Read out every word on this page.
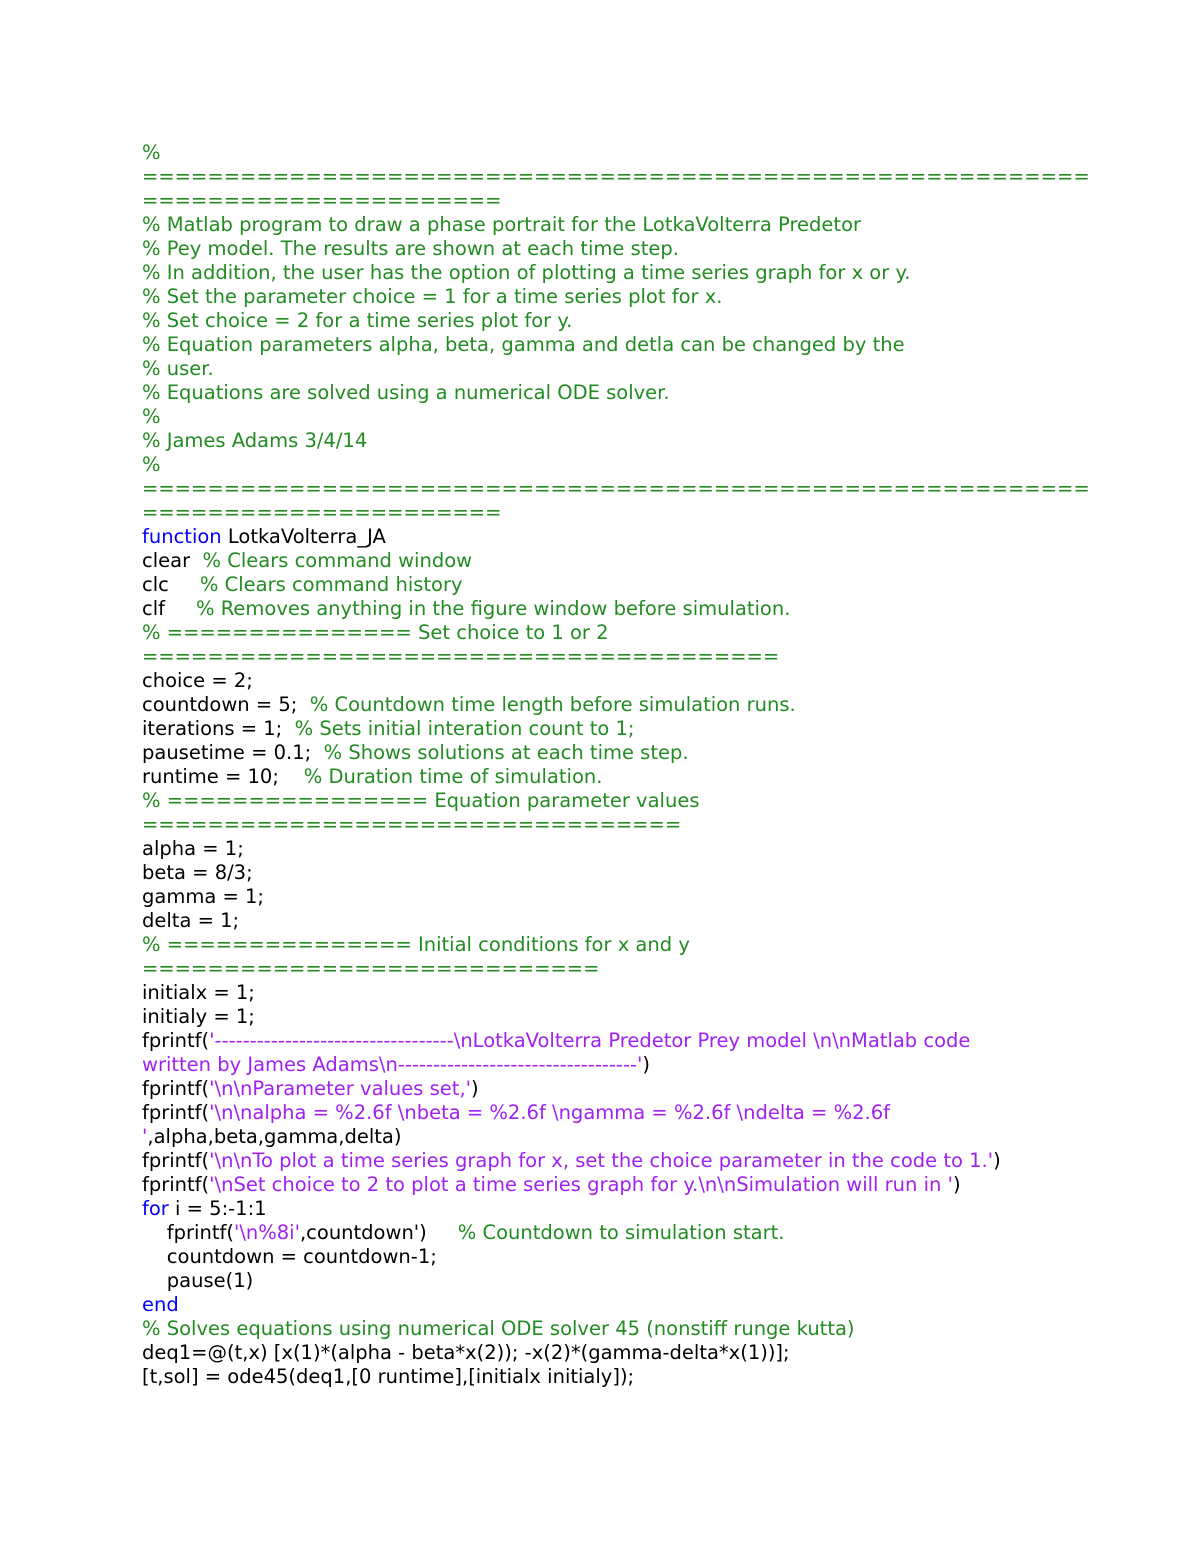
%
==========================================================
======================
% Matlab program to draw a phase portrait for the LotkaVolterra Predetor
% Pey model. The results are shown at each time step.
% In addition, the user has the option of plotting a time series graph for x or y.
% Set the parameter choice = 1 for a time series plot for x.
% Set choice = 2 for a time series plot for y.
% Equation parameters alpha, beta, gamma and detla can be changed by the
% user.
% Equations are solved using a numerical ODE solver.
%
% James Adams 3/4/14
%
==========================================================
======================
function LotkaVolterra_JA
clear  % Clears command window
clc     % Clears command history
clf     % Removes anything in the figure window before simulation.
% =============== Set choice to 1 or 2
=======================================
choice = 2;
countdown = 5;  % Countdown time length before simulation runs.
iterations = 1;  % Sets initial interation count to 1;
pausetime = 0.1;  % Shows solutions at each time step.
runtime = 10;    % Duration time of simulation.
% ================ Equation parameter values
=================================
alpha = 1;
beta = 8/3;
gamma = 1;
delta = 1;
% =============== Initial conditions for x and y
============================
initialx = 1;
initialy = 1;
fprintf('----------------------------------\nLotkaVolterra Predetor Prey model \n\nMatlab code
written by James Adams\n----------------------------------')
fprintf('\n\nParameter values set,')
fprintf('\n\nalpha = %2.6f \nbeta = %2.6f \ngamma = %2.6f \ndelta = %2.6f
',alpha,beta,gamma,delta)
fprintf('\n\nTo plot a time series graph for x, set the choice parameter in the code to 1.')
fprintf('\nSet choice to 2 to plot a time series graph for y.\n\nSimulation will run in ')
for i = 5:-1:1
fprintf('\n%8i',countdown')     % Countdown to simulation start.
countdown = countdown-1;
pause(1)
end
% Solves equations using numerical ODE solver 45 (nonstiff runge kutta)
deq1=@(t,x) [x(1)*(alpha - beta*x(2)); -x(2)*(gamma-delta*x(1))];
[t,sol] = ode45(deq1,[0 runtime],[initialx initialy]);
